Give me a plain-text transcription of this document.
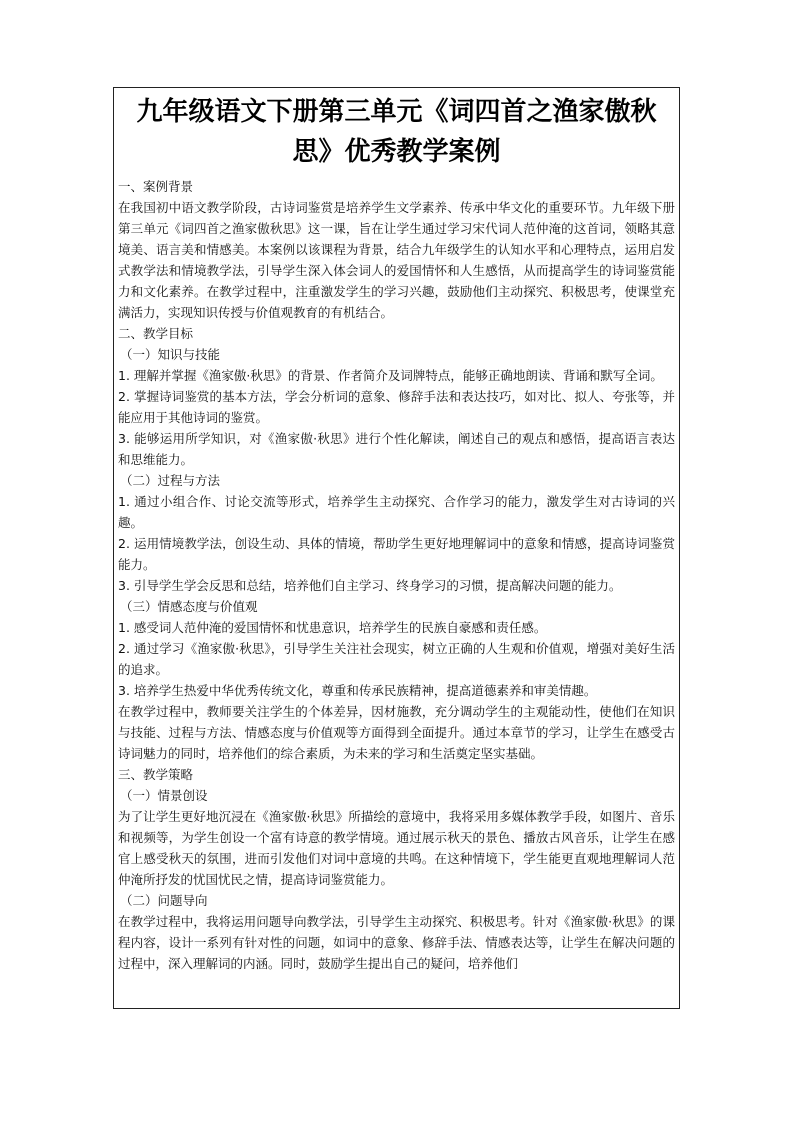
九年级语文下册第三单元《词四首之渔家傲秋思》优秀教学案例

一、案例背景

在我国初中语文教学阶段，古诗词鉴赏是培养学生文学素养、传承中华文化的重要环节。九年级下册第三单元《词四首之渔家傲秋思》这一课，旨在让学生通过学习宋代词人范仲淹的这首词，领略其意境美、语言美和情感美。本案例以该课程为背景，结合九年级学生的认知水平和心理特点，运用启发式教学法和情境教学法，引导学生深入体会词人的爱国情怀和人生感悟，从而提高学生的诗词鉴赏能力和文化素养。在教学过程中，注重激发学生的学习兴趣，鼓励他们主动探究、积极思考，使课堂充满活力，实现知识传授与价值观教育的有机结合。

二、教学目标

（一）知识与技能

1. 理解并掌握《渔家傲·秋思》的背景、作者简介及词牌特点，能够正确地朗读、背诵和默写全词。

2. 掌握诗词鉴赏的基本方法，学会分析词的意象、修辞手法和表达技巧，如对比、拟人、夸张等，并能应用于其他诗词的鉴赏。

3. 能够运用所学知识，对《渔家傲·秋思》进行个性化解读，阐述自己的观点和感悟，提高语言表达和思维能力。

（二）过程与方法

1. 通过小组合作、讨论交流等形式，培养学生主动探究、合作学习的能力，激发学生对古诗词的兴趣。

2. 运用情境教学法，创设生动、具体的情境，帮助学生更好地理解词中的意象和情感，提高诗词鉴赏能力。

3. 引导学生学会反思和总结，培养他们自主学习、终身学习的习惯，提高解决问题的能力。

（三）情感态度与价值观

1. 感受词人范仲淹的爱国情怀和忧患意识，培养学生的民族自豪感和责任感。

2. 通过学习《渔家傲·秋思》，引导学生关注社会现实，树立正确的人生观和价值观，增强对美好生活的追求。

3. 培养学生热爱中华优秀传统文化，尊重和传承民族精神，提高道德素养和审美情趣。

在教学过程中，教师要关注学生的个体差异，因材施教，充分调动学生的主观能动性，使他们在知识与技能、过程与方法、情感态度与价值观等方面得到全面提升。通过本章节的学习，让学生在感受古诗词魅力的同时，培养他们的综合素质，为未来的学习和生活奠定坚实基础。

三、教学策略

（一）情景创设

为了让学生更好地沉浸在《渔家傲·秋思》所描绘的意境中，我将采用多媒体教学手段，如图片、音乐和视频等，为学生创设一个富有诗意的教学情境。通过展示秋天的景色、播放古风音乐，让学生在感官上感受秋天的氛围，进而引发他们对词中意境的共鸣。在这种情境下，学生能更直观地理解词人范仲淹所抒发的忧国忧民之情，提高诗词鉴赏能力。

（二）问题导向

在教学过程中，我将运用问题导向教学法，引导学生主动探究、积极思考。针对《渔家傲·秋思》的课程内容，设计一系列有针对性的问题，如词中的意象、修辞手法、情感表达等，让学生在解决问题的过程中，深入理解词的内涵。同时，鼓励学生提出自己的疑问，培养他们
